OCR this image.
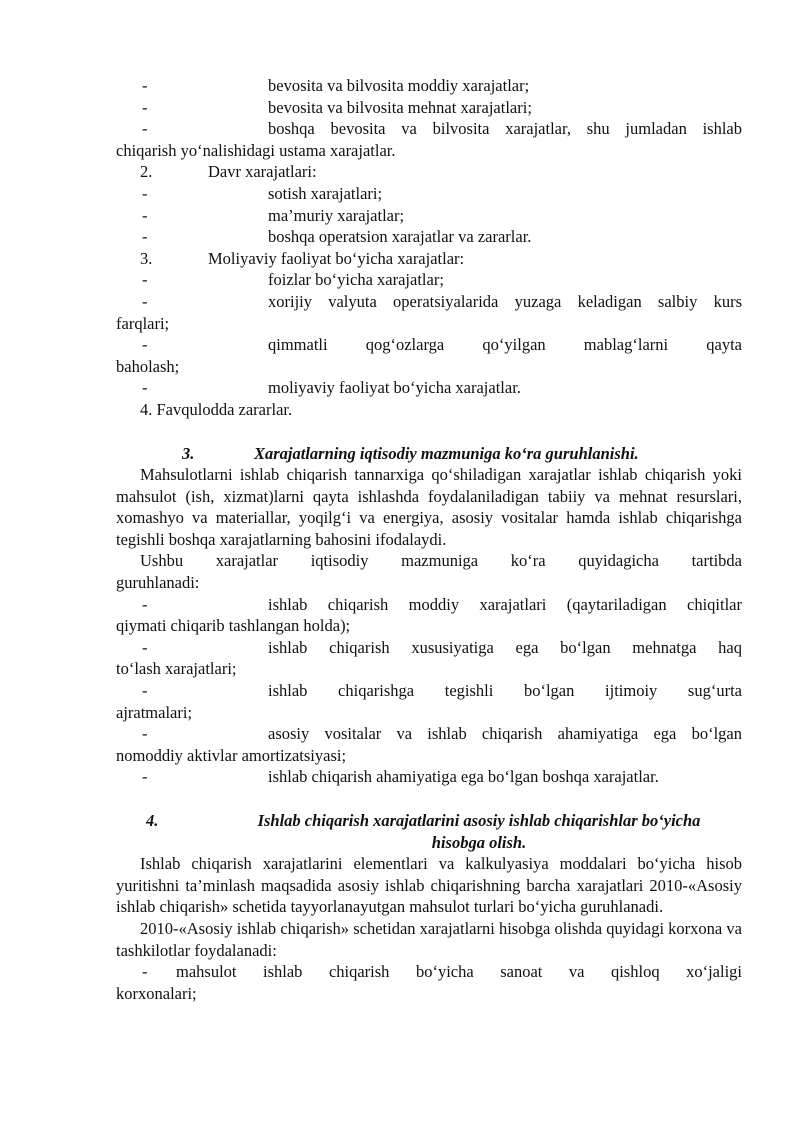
-	bevosita va bilvosita moddiy xarajatlar;
-	bevosita va bilvosita mehnat xarajatlari;
-	boshqa bevosita va bilvosita xarajatlar, shu jumladan ishlab
chiqarish yo‘nalishidagi ustama xarajatlar.
2.	Davr xarajatlari:
-	sotish xarajatlari;
-	ma’muriy xarajatlar;
-	boshqa operatsion xarajatlar va zararlar.
3.	Moliyaviy faoliyat bo‘yicha xarajatlar:
-	foizlar bo‘yicha xarajatlar;
-	xorijiy valyuta operatsiyalarida yuzaga keladigan salbiy kurs
farqlari;
-	qimmatli qog‘ozlarga qo‘yilgan mablag‘larni qayta
baholash;
-	moliyaviy faoliyat bo‘yicha xarajatlar.
4. Favqulodda zararlar.
3.	Xarajatlarning iqtisodiy mazmuniga ko‘ra guruhlanishi.
Mahsulotlarni ishlab chiqarish tannarxiga qo‘shiladigan xarajatlar ishlab chiqarish yoki mahsulot (ish, xizmat)larni qayta ishlashda foydalaniladigan tabiiy va mehnat resurslari, xomashyo va materiallar, yoqilg‘i va energiya, asosiy vositalar hamda ishlab chiqarishga tegishli boshqa xarajatlarning bahosini ifodalaydi.
Ushbu xarajatlar iqtisodiy mazmuniga ko‘ra quyidagicha tartibda
guruhlanadi:
-	ishlab chiqarish moddiy xarajatlari (qaytariladigan chiqitlar
qiymati chiqarib tashlangan holda);
-	ishlab chiqarish xususiyatiga ega bo‘lgan mehnatga haq
to‘lash xarajatlari;
-	ishlab chiqarishga tegishli bo‘lgan ijtimoiy sug‘urta
ajratmalari;
-	asosiy vositalar va ishlab chiqarish ahamiyatiga ega bo‘lgan
nomoddiy aktivlar amortizatsiyasi;
-	ishlab chiqarish ahamiyatiga ega bo‘lgan boshqa xarajatlar.
4.	Ishlab chiqarish xarajatlarini asosiy ishlab chiqarishlar bo‘yicha
hisobga olish.
Ishlab chiqarish xarajatlarini elementlari va kalkulyasiya moddalari bo‘yicha hisob yuritishni ta’minlash maqsadida asosiy ishlab chiqarishning barcha xarajatlari 2010-«Asosiy ishlab chiqarish» schetida tayyorlanayutgan mahsulot turlari bo‘yicha guruhlanadi.
2010-«Asosiy ishlab chiqarish» schetidan xarajatlarni hisobga olishda quyidagi korxona va tashkilotlar foydalanadi:
- mahsulot ishlab chiqarish bo‘yicha sanoat va qishloq xo‘jaligi
korxonalari;
